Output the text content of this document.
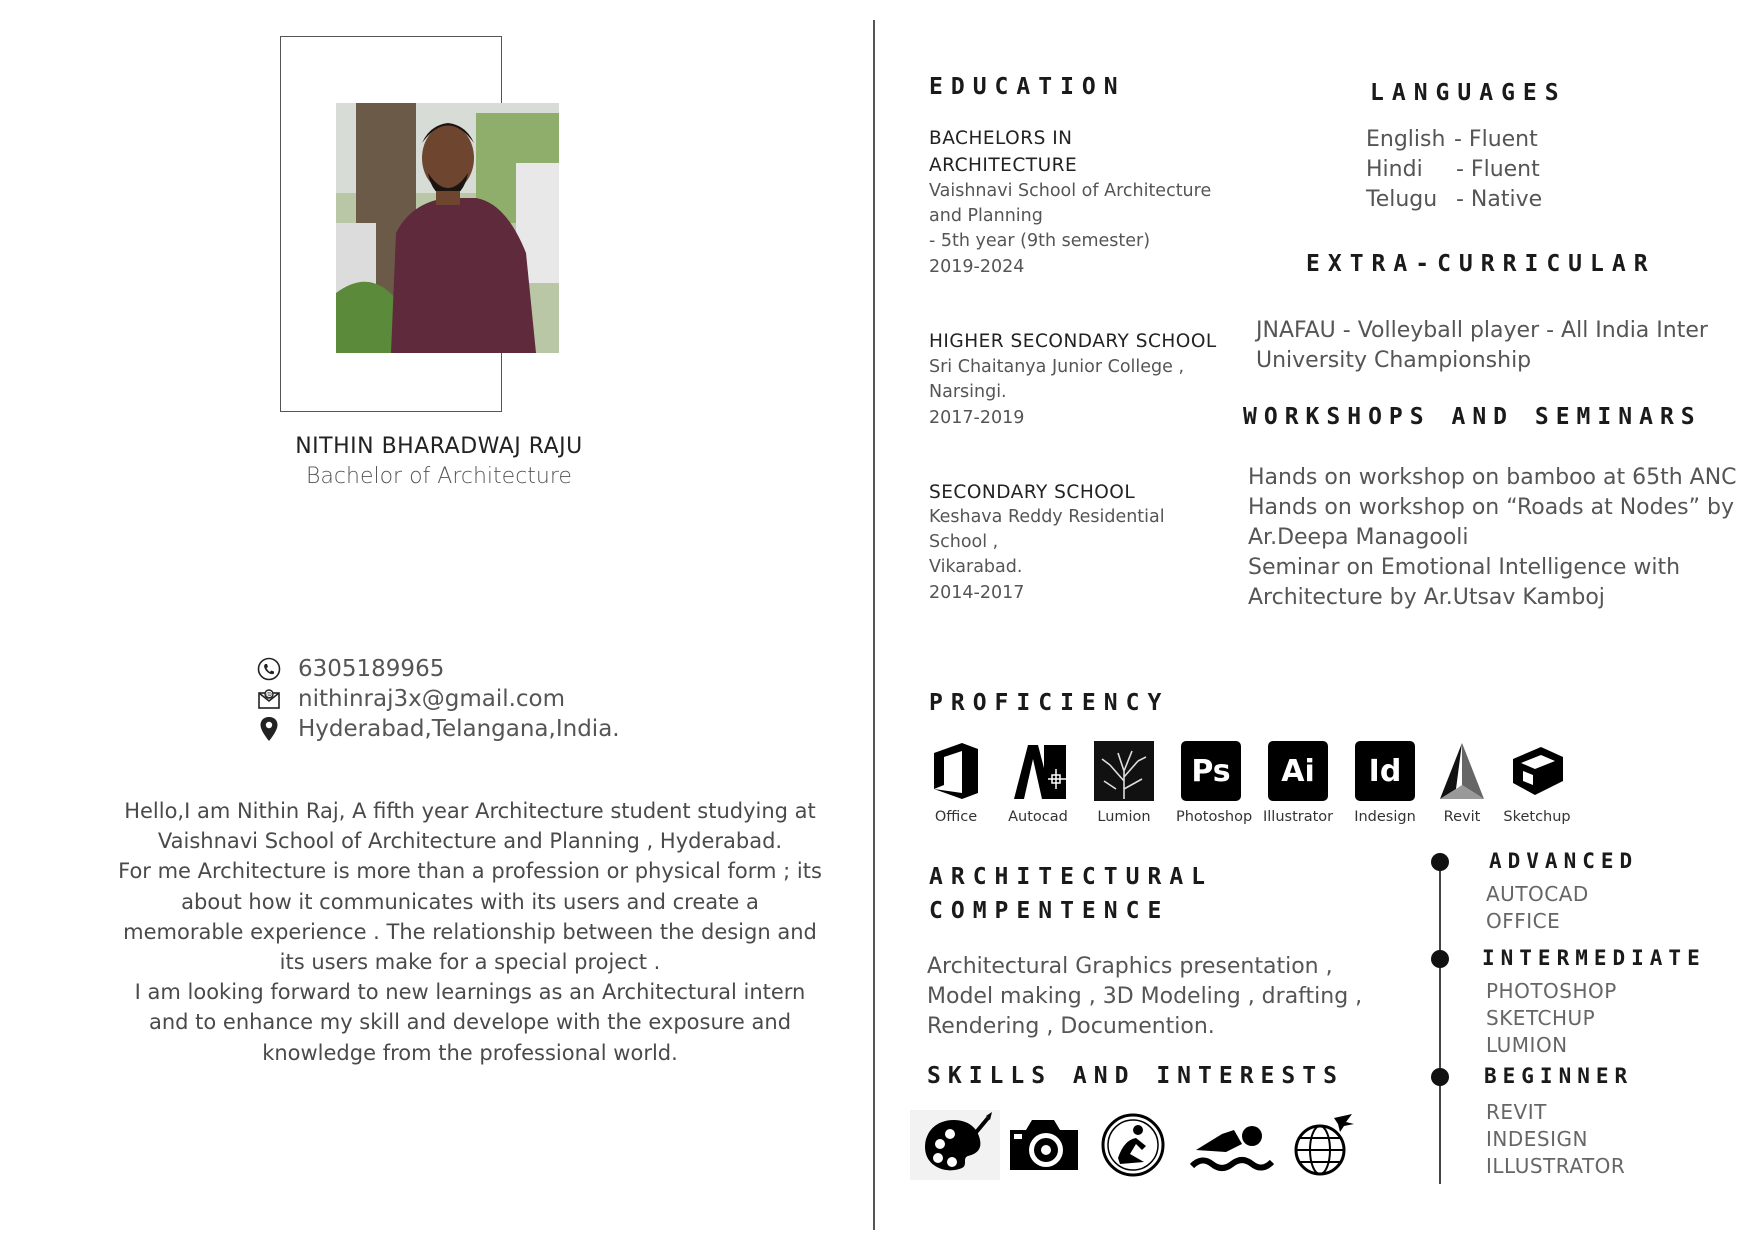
NITHIN BHARADWAJ RAJU
Bachelor of Architecture
6305189965
@ nithinraj3x@gmail.com
Hyderabad,Telangana,India.
Hello,I am Nithin Raj, A fifth year Architecture student studying at
Vaishnavi School of Architecture and Planning , Hyderabad.
For me Architecture is more than a profession or physical form ; its
about how it communicates with its users and create a
memorable experience . The relationship between the design and
its users make for a special project .
I am looking forward to new learnings as an Architectural intern
and to enhance my skill and develope with the exposure and
knowledge from the professional world.
EDUCATION
BACHELORS IN
ARCHITECTURE
Vaishnavi School of Architecture
and Planning
- 5th year (9th semester)
2019-2024
HIGHER SECONDARY SCHOOL
Sri Chaitanya Junior College ,
Narsingi.
2017-2019
SECONDARY SCHOOL
Keshava Reddy Residential
School ,
Vikarabad.
2014-2017
LANGUAGES
English - Fluent
Hindi - Fluent
Telugu - Native
EXTRA-CURRICULAR
JNAFAU - Volleyball player - All India Inter
University Championship
WORKSHOPS AND SEMINARS
Hands on workshop on bamboo at 65th ANC
Hands on workshop on “Roads at Nodes” by
Ar.Deepa Managooli
Seminar on Emotional Intelligence with
Architecture by Ar.Utsav Kamboj
PROFICIENCY
Office	Autocad	Lumion
Ps
Photoshop
Ai
Illustrator
Id
Indesign	Revit	Sketchup
ARCHITECTURAL
COMPENTENCE
Architectural Graphics presentation ,
Model making , 3D Modeling , drafting ,
Rendering , Documention.
SKILLS AND INTERESTS
ADVANCED
AUTOCAD
OFFICE
INTERMEDIATE
PHOTOSHOP
SKETCHUP
LUMION
BEGINNER
REVIT
INDESIGN
ILLUSTRATOR
